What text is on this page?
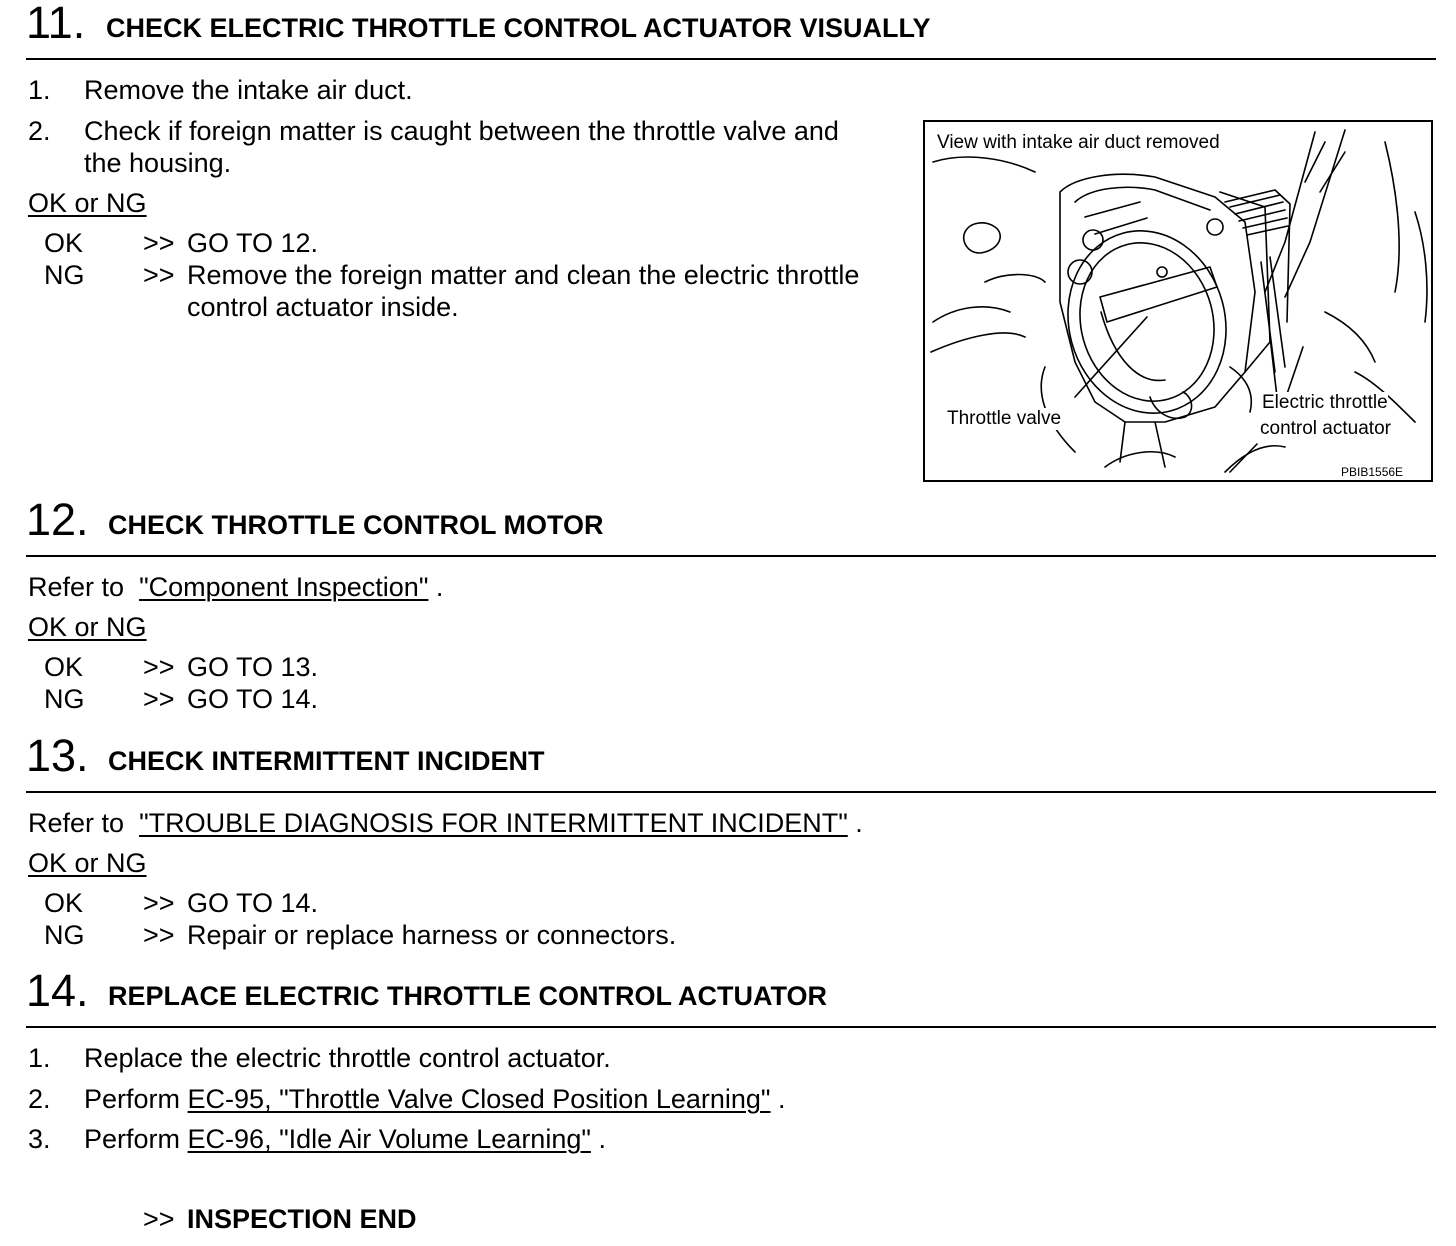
11. CHECK ELECTRIC THROTTLE CONTROL ACTUATOR VISUALLY
1. Remove the intake air duct.
2. Check if foreign matter is caught between the throttle valve and
the housing.
OK or NG
OK >> GO TO 12.
NG >> Remove the foreign matter and clean the electric throttle
control actuator inside.
View with intake air duct removed
Throttle valve
Electric throttle
control actuator
PBIB1556E
12. CHECK THROTTLE CONTROL MOTOR
Refer to "Component Inspection" .
OK or NG
OK >> GO TO 13.
NG >> GO TO 14.
13. CHECK INTERMITTENT INCIDENT
Refer to "TROUBLE DIAGNOSIS FOR INTERMITTENT INCIDENT" .
OK or NG
OK >> GO TO 14.
NG >> Repair or replace harness or connectors.
14. REPLACE ELECTRIC THROTTLE CONTROL ACTUATOR
1. Replace the electric throttle control actuator.
2. Perform EC-95, "Throttle Valve Closed Position Learning" .
3. Perform EC-96, "Idle Air Volume Learning" .
>> INSPECTION END
